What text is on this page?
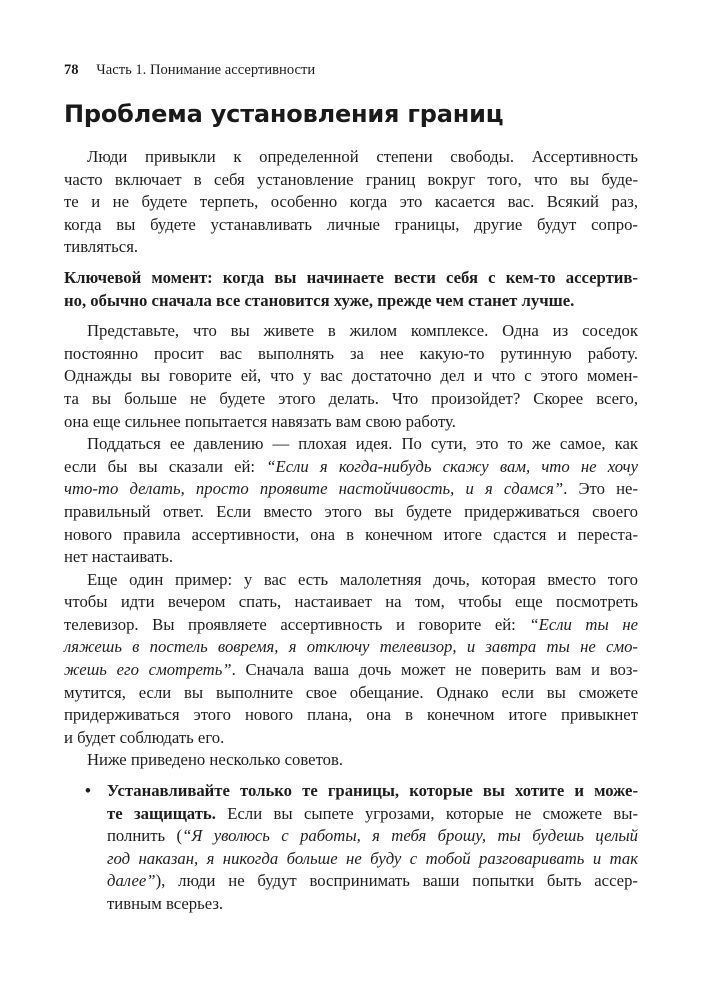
78 Часть 1. Понимание ассертивности
Проблема установления границ
Люди привыкли к определенной степени свободы. Ассертивность
часто включает в себя установление границ вокруг того, что вы буде-
те и не будете терпеть, особенно когда это касается вас. Всякий раз,
когда вы будете устанавливать личные границы, другие будут сопро-
тивляться.
Ключевой момент: когда вы начинаете вести себя с кем-то ассертив-
но, обычно сначала все становится хуже, прежде чем станет лучше.
Представьте, что вы живете в жилом комплексе. Одна из соседок
постоянно просит вас выполнять за нее какую-то рутинную работу.
Однажды вы говорите ей, что у вас достаточно дел и что с этого момен-
та вы больше не будете этого делать. Что произойдет? Скорее всего,
она еще сильнее попытается навязать вам свою работу.
Поддаться ее давлению — плохая идея. По сути, это то же самое, как
если бы вы сказали ей: “Если я когда-нибудь скажу вам, что не хочу
что-то делать, просто проявите настойчивость, и я сдамся”. Это не-
правильный ответ. Если вместо этого вы будете придерживаться своего
нового правила ассертивности, она в конечном итоге сдастся и переста-
нет настаивать.
Еще один пример: у вас есть малолетняя дочь, которая вместо того
чтобы идти вечером спать, настаивает на том, чтобы еще посмотреть
телевизор. Вы проявляете ассертивность и говорите ей: “Если ты не
ляжешь в постель вовремя, я отключу телевизор, и завтра ты не смо-
жешь его смотреть”. Сначала ваша дочь может не поверить вам и воз-
мутится, если вы выполните свое обещание. Однако если вы сможете
придерживаться этого нового плана, она в конечном итоге привыкнет
и будет соблюдать его.
Ниже приведено несколько советов.
• Устанавливайте только те границы, которые вы хотите и може-
те защищать. Если вы сыпете угрозами, которые не сможете вы-
полнить (“Я уволюсь с работы, я тебя брошу, ты будешь целый
год наказан, я никогда больше не буду с тобой разговаривать и так
далее”), люди не будут воспринимать ваши попытки быть ассер-
тивным всерьез.
